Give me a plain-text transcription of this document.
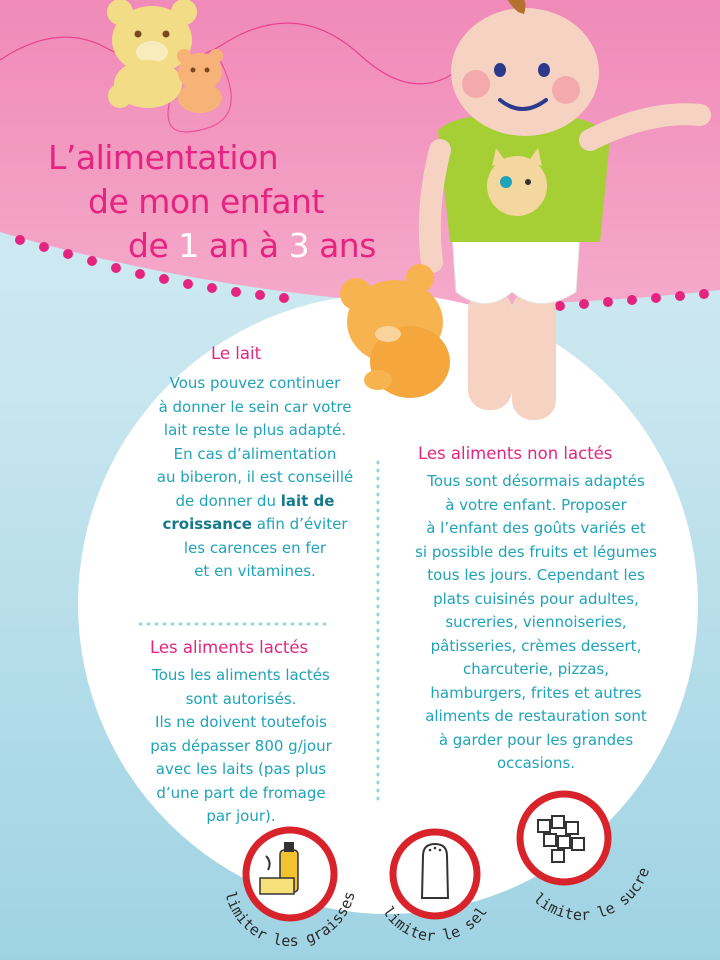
L’alimentation
de mon enfant
de 1 an à 3 ans
Le lait
Vous pouvez continuer
à donner le sein car votre
lait reste le plus adapté.
En cas d’alimentation
au biberon, il est conseillé
de donner du lait de
croissance afin d’éviter
les carences en fer
et en vitamines.
Les aliments lactés
Tous les aliments lactés
sont autorisés.
Ils ne doivent toutefois
pas dépasser 800 g/jour
avec les laits (pas plus
d’une part de fromage
par jour).
Les aliments non lactés
Tous sont désormais adaptés
à votre enfant. Proposer
à l’enfant des goûts variés et
si possible des fruits et légumes
tous les jours. Cependant les
plats cuisinés pour adultes,
sucreries, viennoiseries,
pâtisseries, crèmes dessert,
charcuterie, pizzas,
hamburgers, frites et autres
aliments de restauration sont
à garder pour les grandes
occasions.
limiter les graisses
limiter le sel
limiter le sucre
